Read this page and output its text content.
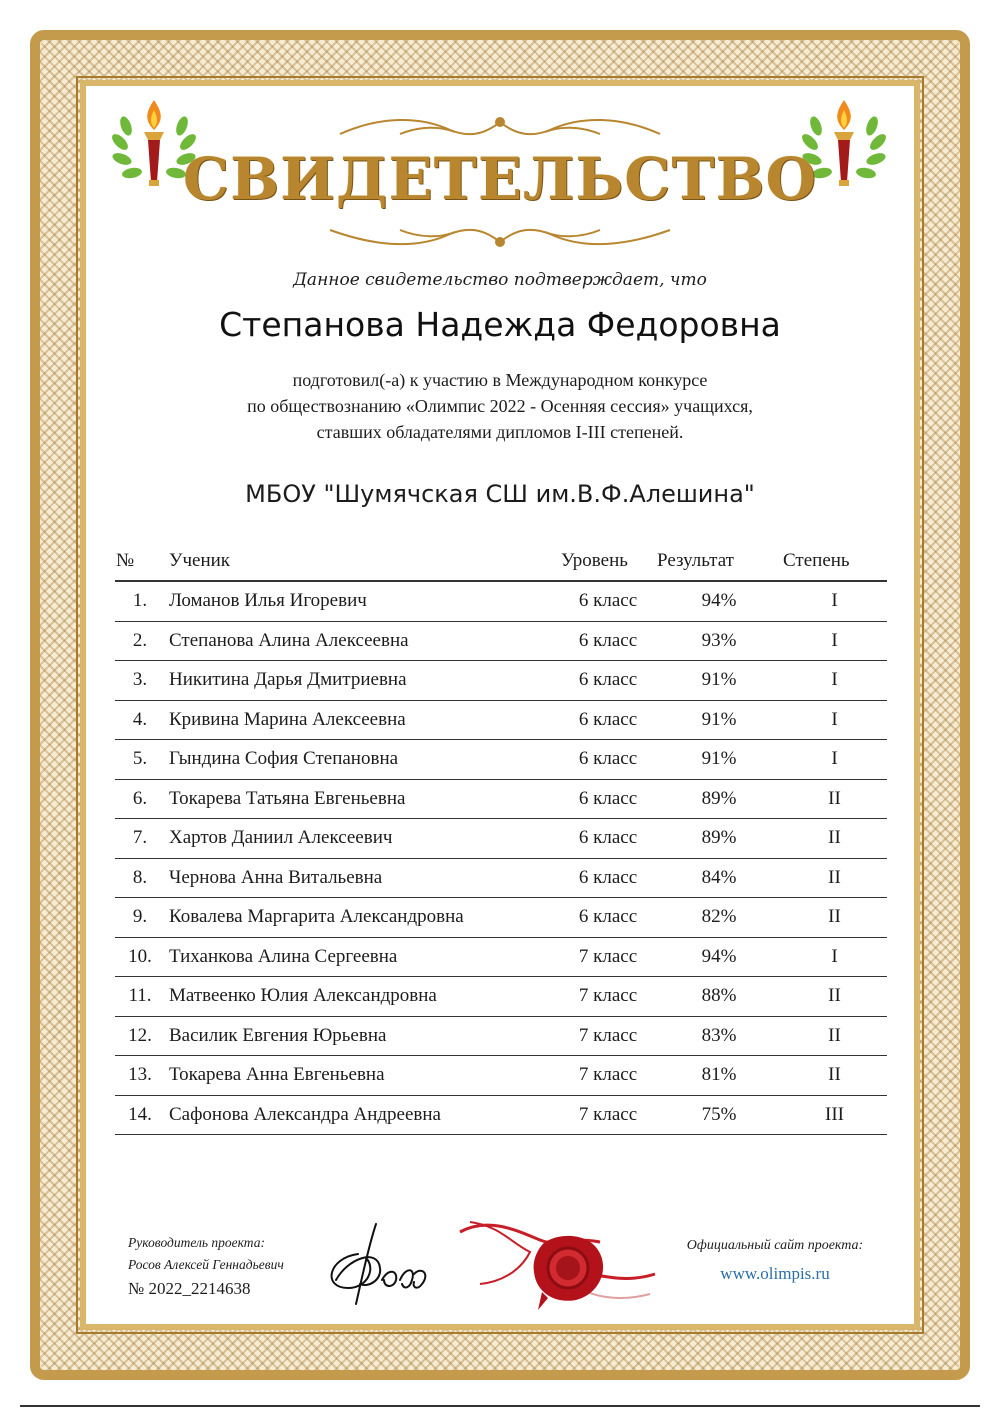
СВИДЕТЕЛЬСТВО
Данное свидетельство подтверждает, что
Степанова Надежда Федоровна
подготовил(-а) к участию в Международном конкурсе
по обществознанию «Олимпис 2022 - Осенняя сессия» учащихся,
ставших обладателями дипломов I-III степеней.
МБОУ "Шумячская СШ им.В.Ф.Алешина"
№	Ученик	Уровень	Результат	Степень
1.	Ломанов Илья Игоревич	6 класс	94%	I
2.	Степанова Алина Алексеевна	6 класс	93%	I
3.	Никитина Дарья Дмитриевна	6 класс	91%	I
4.	Кривина Марина Алексеевна	6 класс	91%	I
5.	Гындина София Степановна	6 класс	91%	I
6.	Токарева Татьяна Евгеньевна	6 класс	89%	II
7.	Хартов Даниил Алексеевич	6 класс	89%	II
8.	Чернова Анна Витальевна	6 класс	84%	II
9.	Ковалева Маргарита Александровна	6 класс	82%	II
10.	Тиханкова Алина Сергеевна	7 класс	94%	I
11.	Матвеенко Юлия Александровна	7 класс	88%	II
12.	Василик Евгения Юрьевна	7 класс	83%	II
13.	Токарева Анна Евгеньевна	7 класс	81%	II
14.	Сафонова Александра Андреевна	7 класс	75%	III
Руководитель проекта:
Росов Алексей Геннадьевич
№ 2022_2214638
Официальный сайт проекта:
www.olimpis.ru
